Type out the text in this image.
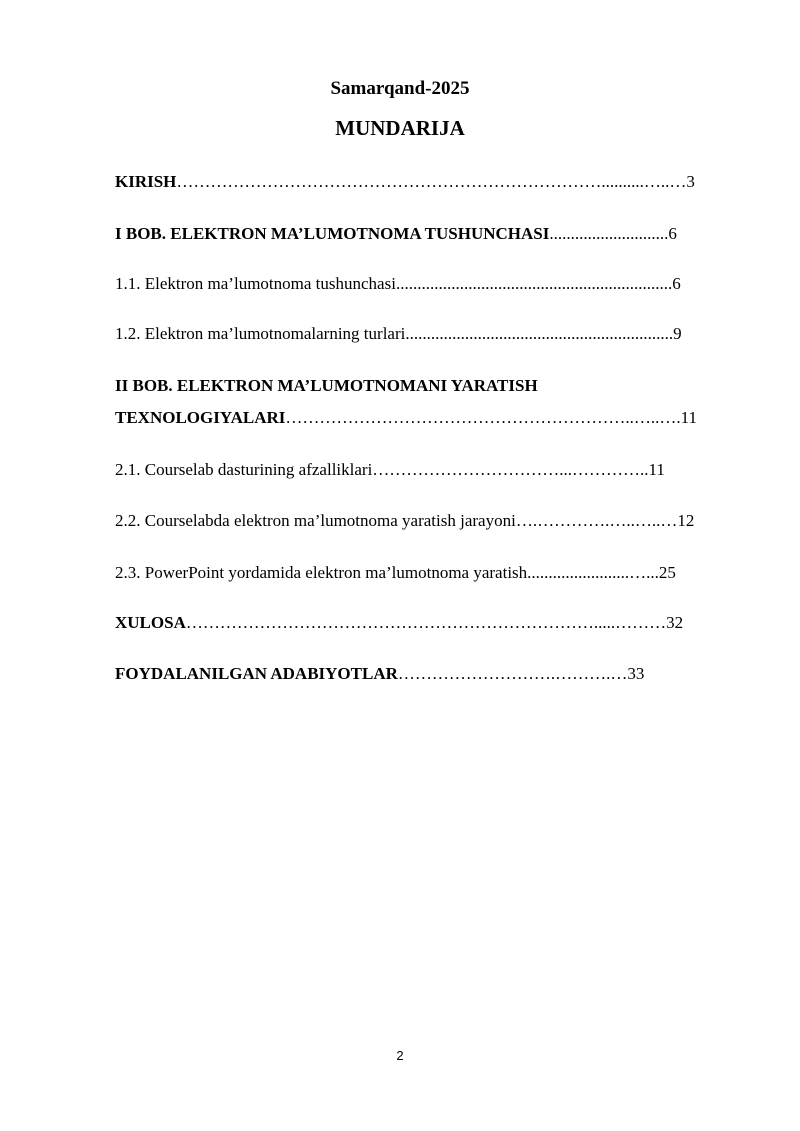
Samarqand-2025
MUNDARIJA
KIRISH…………………………………………………………………..........…..…3
I BOB. ELEKTRON MA’LUMOTNOMA TUSHUNCHASI............................6
1.1. Elektron ma’lumotnoma tushunchasi.................................................................6
1.2. Elektron ma’lumotnomalarning turlari...............................................................9
II BOB. ELEKTRON MA’LUMOTNOMANI YARATISH
TEXNOLOGIYALARI……………………………………………………..…..….11
2.1. Courselab dasturining afzalliklari……………………………...…………..11
2.2. Courselabda elektron ma’lumotnoma yaratish jarayoni….………….…..…..…12
2.3. PowerPoint yordamida elektron ma’lumotnoma yaratish........................…...25
XULOSA……………………………………………………………….....………32
FOYDALANILGAN ADABIYOTLAR……………………….……….…33
2
